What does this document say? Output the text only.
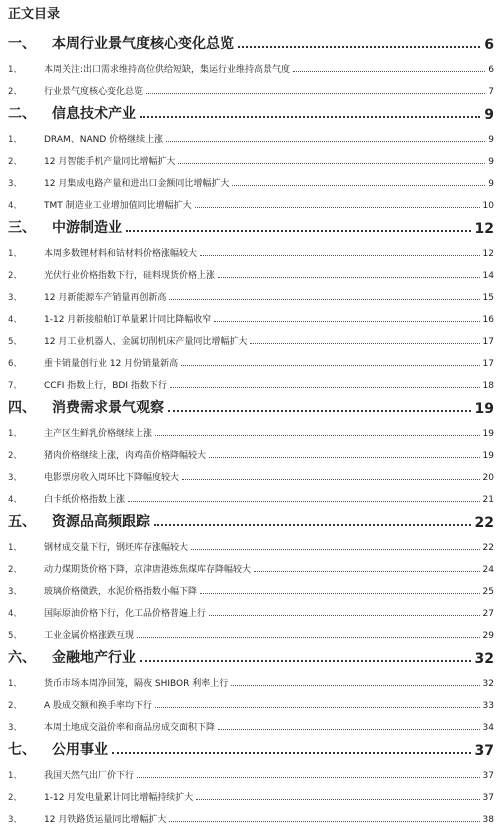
正文目录
一、	本周行业景气度核心变化总览	6
1、	本周关注:出口需求维持高位供给短缺，集运行业维持高景气度	6
2、	行业景气度核心变化总览	7
二、	信息技术产业	9
1、	DRAM、NAND 价格继续上涨	9
2、	12 月智能手机产量同比增幅扩大	9
3、	12 月集成电路产量和进出口金额同比增幅扩大	9
4、	TMT 制造业工业增加值同比增幅扩大	10
三、	中游制造业	12
1、	本周多数锂材料和钴材料价格涨幅较大	12
2、	光伏行业价格指数下行，硅料现货价格上涨	14
3、	12 月新能源车产销量再创新高	15
4、	1-12 月新接船舶订单量累计同比降幅收窄	16
5、	12 月工业机器人、金属切削机床产量同比增幅扩大	17
6、	重卡销量创行业 12 月份销量新高	17
7、	CCFI 指数上行，BDI 指数下行	18
四、	消费需求景气观察	19
1、	主产区生鲜乳价格继续上涨	19
2、	猪肉价格继续上涨，肉鸡苗价格降幅较大	19
3、	电影票房收入周环比下降幅度较大	20
4、	白卡纸价格指数上涨	21
五、	资源品高频跟踪	22
1、	钢材成交量下行，钢坯库存涨幅较大	22
2、	动力煤期货价格下降，京津唐港炼焦煤库存降幅较大	24
3、	玻璃价格微跌，水泥价格指数小幅下降	25
4、	国际原油价格下行，化工品价格普遍上行	27
5、	工业金属价格涨跌互现	29
六、	金融地产行业	32
1、	货币市场本周净回笼，隔夜 SHIBOR 利率上行	32
2、	A 股成交额和换手率均下行	33
3、	本周土地成交溢价率和商品房成交面积下降	34
七、	公用事业	37
1、	我国天然气出厂价下行	37
2、	1-12 月发电量累计同比增幅持续扩大	37
3、	12 月铁路货运量同比增幅扩大	38
